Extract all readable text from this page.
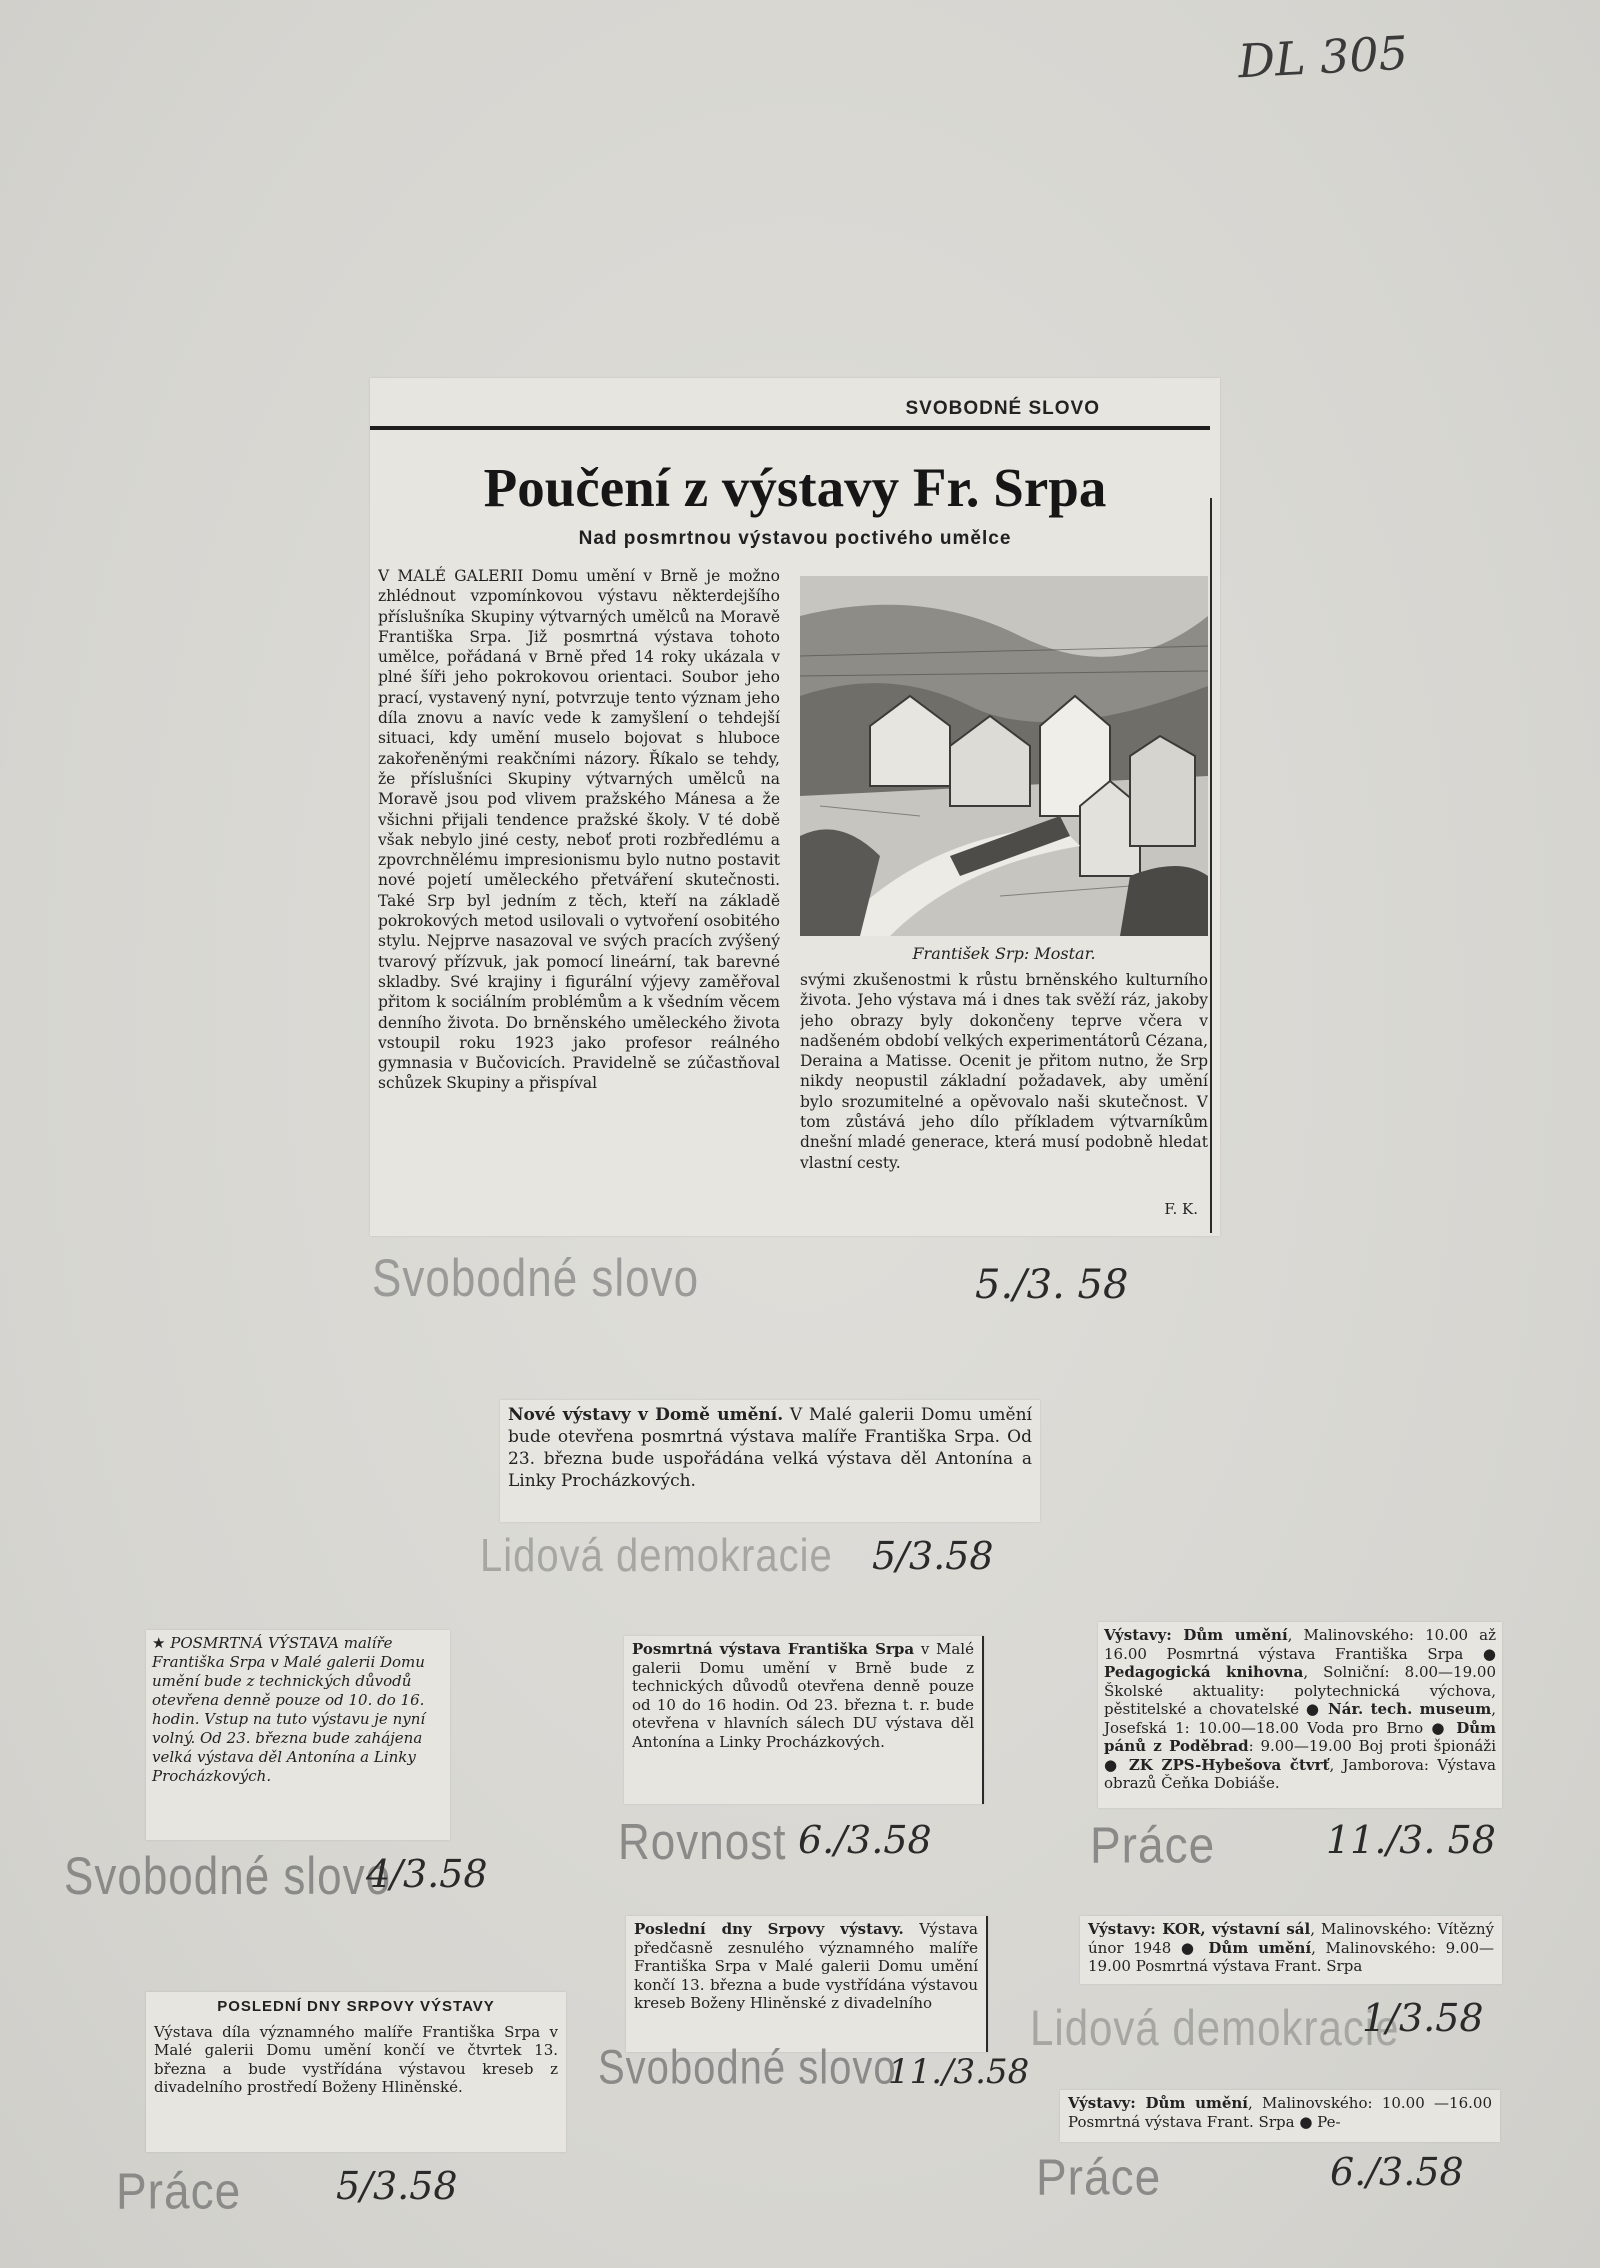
DL 305
SVOBODNÉ SLOVO
Poučení z výstavy Fr. Srpa
Nad posmrtnou výstavou poctivého umělce

V MALÉ GALERII Domu umění v Brně je možno zhlédnout vzpomínkovou výstavu některdejšího příslušníka Skupiny výtvarných umělců na Moravě Františka Srpa. Již posmrtná výstava tohoto umělce, pořádaná v Brně před 14 roky ukázala v plné šíři jeho pokrokovou orientaci. Soubor jeho prací, vystavený nyní, potvrzuje tento význam jeho díla znovu a navíc vede k zamyšlení o tehdejší situaci, kdy umění muselo bojovat s hluboce zakořeněnými reakčními názory. Říkalo se tehdy, že příslušníci Skupiny výtvarných umělců na Moravě jsou pod vlivem pražského Mánesa a že všichni přijali tendence pražské školy. V té době však nebylo jiné cesty, neboť proti rozbředlému a zpovrchnělému impresionismu bylo nutno postavit nové pojetí uměleckého přetváření skutečnosti. Také Srp byl jedním z těch, kteří na základě pokrokových metod usilovali o vytvoření osobitého stylu. Nejprve nasazoval ve svých pracích zvýšený tvarový přízvuk, jak pomocí lineární, tak barevné skladby. Své krajiny i figurální výjevy zaměřoval přitom k sociálním problémům a k všedním věcem denního života. Do brněnského uměleckého života vstoupil roku 1923 jako profesor reálného gymnasia v Bučovicích. Pravidelně se zúčastňoval schůzek Skupiny a přispíval

František Srp: Mostar.

svými zkušenostmi k růstu brněnského kulturního života. Jeho výstava má i dnes tak svěží ráz, jakoby jeho obrazy byly dokončeny teprve včera v nadšeném období velkých experimentátorů Cézana, Deraina a Matisse. Ocenit je přitom nutno, že Srp nikdy neopustil základní požadavek, aby umění bylo srozumitelné a opěvovalo naši skutečnost. V tom zůstává jeho dílo příkladem výtvarníkům dnešní mladé generace, která musí podobně hledat vlastní cesty.

F. K.
Svobodné slovo	5./3. 58
Nové výstavy v Domě umění. V Malé galerii Domu umění bude otevřena posmrtná výstava malíře Františka Srpa. Od 23. března bude uspořádána velká výstava děl Antonína a Linky Procházkových.
Lidová demokracie 5/3.58
★ POSMRTNÁ VÝSTAVA malíře Františka Srpa v Malé galerii Domu umění bude z technických důvodů otevřena denně pouze od 10. do 16. hodin. Vstup na tuto výstavu je nyní volný. Od 23. března bude zahájena velká výstava děl Antonína a Linky Procházkových.
Svobodné slovo
4/3.58
Posmrtná výstava Františka Srpa v Malé galerii Domu umění v Brně bude z technických důvodů otevřena denně pouze od 10 do 16 hodin. Od 23. března t. r. bude otevřena v hlavních sálech DU výstava děl Antonína a Linky Procházkových.
Rovnost 6./3.58
Výstavy: Dům umění, Malinovského: 10.00 až 16.00 Posmrtná výstava Františka Srpa ● Pedagogická knihovna, Solniční: 8.00—19.00 Školské aktuality: polytechnická výchova, pěstitelské a chovatelské ● Nár. tech. museum, Josefská 1: 10.00—18.00 Voda pro Brno ● Dům pánů z Poděbrad: 9.00—19.00 Boj proti špionáži ● ZK ZPS-Hybešova čtvrť, Jamborova: Výstava obrazů Čeňka Dobiáše.
Práce	11./3. 58
POSLEDNÍ DNY SRPOVY VÝSTAVY
Výstava díla významného malíře Františka Srpa v Malé galerii Domu umění končí ve čtvrtek 13. března a bude vystřídána výstavou kreseb z divadelního prostředí Boženy Hliněnské.
Práce 5/3.58
Poslední dny Srpovy výstavy. Výstava předčasně zesnulého významného malíře Františka Srpa v Malé galerii Domu umění končí 13. března a bude vystřídána výstavou kreseb Boženy Hliněnské z divadelního
Svobodné slovo
11./3.58
Výstavy: KOR, výstavní sál, Malinovského: Vítězný únor 1948 ● Dům umění, Malinovského: 9.00—19.00 Posmrtná výstava Frant. Srpa
Lidová demokracie
1/3.58
Výstavy: Dům umění, Malinovského: 10.00 —16.00 Posmrtná výstava Frant. Srpa ● Pe-
Práce	6./3.58
